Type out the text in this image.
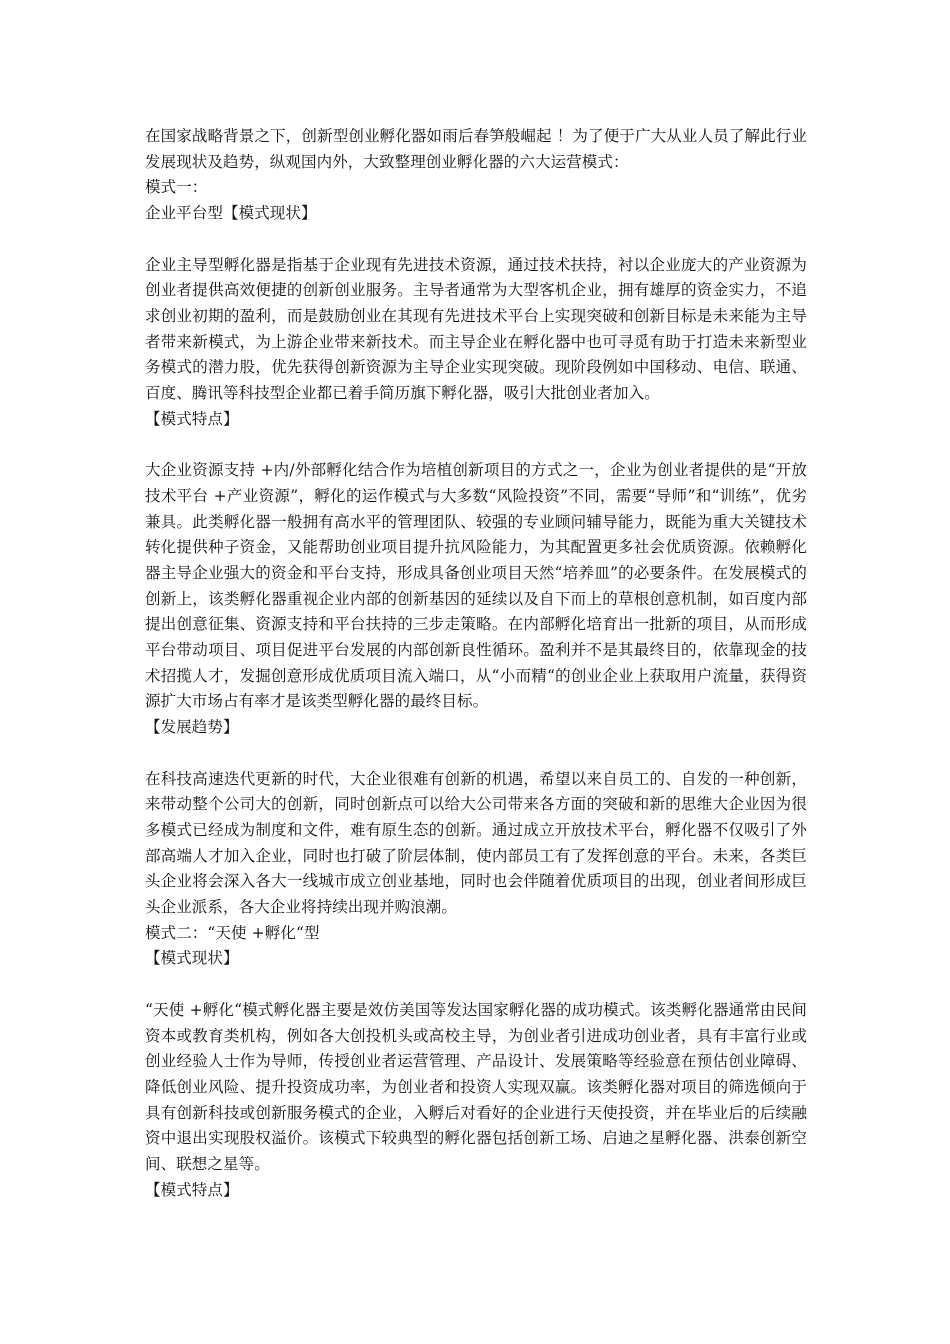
在国家战略背景之下，创新型创业孵化器如雨后春笋般崛起 ！为了便于广大从业人员了解此行业发展现状及趋势，纵观国内外，大致整理创业孵化器的六大运营模式：

模式一：

企业平台型【模式现状】

企业主导型孵化器是指基于企业现有先进技术资源，通过技术扶持，衬以企业庞大的产业资源为创业者提供高效便捷的创新创业服务。主导者通常为大型客机企业，拥有雄厚的资金实力，不追求创业初期的盈利，而是鼓励创业在其现有先进技术平台上实现突破和创新目标是未来能为主导者带来新模式，为上游企业带来新技术。而主导企业在孵化器中也可寻觅有助于打造未来新型业务模式的潜力股，优先获得创新资源为主导企业实现突破。现阶段例如中国移动、电信、联通、百度、腾讯等科技型企业都已着手简历旗下孵化器，吸引大批创业者加入。

【模式特点】

大企业资源支持 +内/外部孵化结合作为培植创新项目的方式之一，企业为创业者提供的是“开放技术平台 +产业资源”，孵化的运作模式与大多数“风险投资”不同，需要“导师”和“训练”，优劣兼具。此类孵化器一般拥有高水平的管理团队、较强的专业顾问辅导能力，既能为重大关键技术转化提供种子资金，又能帮助创业项目提升抗风险能力，为其配置更多社会优质资源。依赖孵化器主导企业强大的资金和平台支持，形成具备创业项目天然“培养皿”的必要条件。在发展模式的创新上，该类孵化器重视企业内部的创新基因的延续以及自下而上的草根创意机制，如百度内部提出创意征集、资源支持和平台扶持的三步走策略。在内部孵化培育出一批新的项目，从而形成平台带动项目、项目促进平台发展的内部创新良性循环。盈利并不是其最终目的，依靠现金的技术招揽人才，发掘创意形成优质项目流入端口，从“小而精“的创业企业上获取用户流量，获得资源扩大市场占有率才是该类型孵化器的最终目标。

【发展趋势】

在科技高速迭代更新的时代，大企业很难有创新的机遇，希望以来自员工的、自发的一种创新，来带动整个公司大的创新，同时创新点可以给大公司带来各方面的突破和新的思维大企业因为很多模式已经成为制度和文件，难有原生态的创新。通过成立开放技术平台，孵化器不仅吸引了外部高端人才加入企业，同时也打破了阶层体制，使内部员工有了发挥创意的平台。未来，各类巨头企业将会深入各大一线城市成立创业基地，同时也会伴随着优质项目的出现，创业者间形成巨头企业派系，各大企业将持续出现并购浪潮。

模式二：“天使 +孵化“型

【模式现状】

“天使 +孵化“模式孵化器主要是效仿美国等发达国家孵化器的成功模式。该类孵化器通常由民间资本或教育类机构，例如各大创投机头或高校主导，为创业者引进成功创业者，具有丰富行业或创业经验人士作为导师，传授创业者运营管理、产品设计、发展策略等经验意在预估创业障碍、降低创业风险、提升投资成功率，为创业者和投资人实现双赢。该类孵化器对项目的筛选倾向于具有创新科技或创新服务模式的企业，入孵后对看好的企业进行天使投资，并在毕业后的后续融资中退出实现股权溢价。该模式下较典型的孵化器包括创新工场、启迪之星孵化器、洪泰创新空间、联想之星等。

【模式特点】
